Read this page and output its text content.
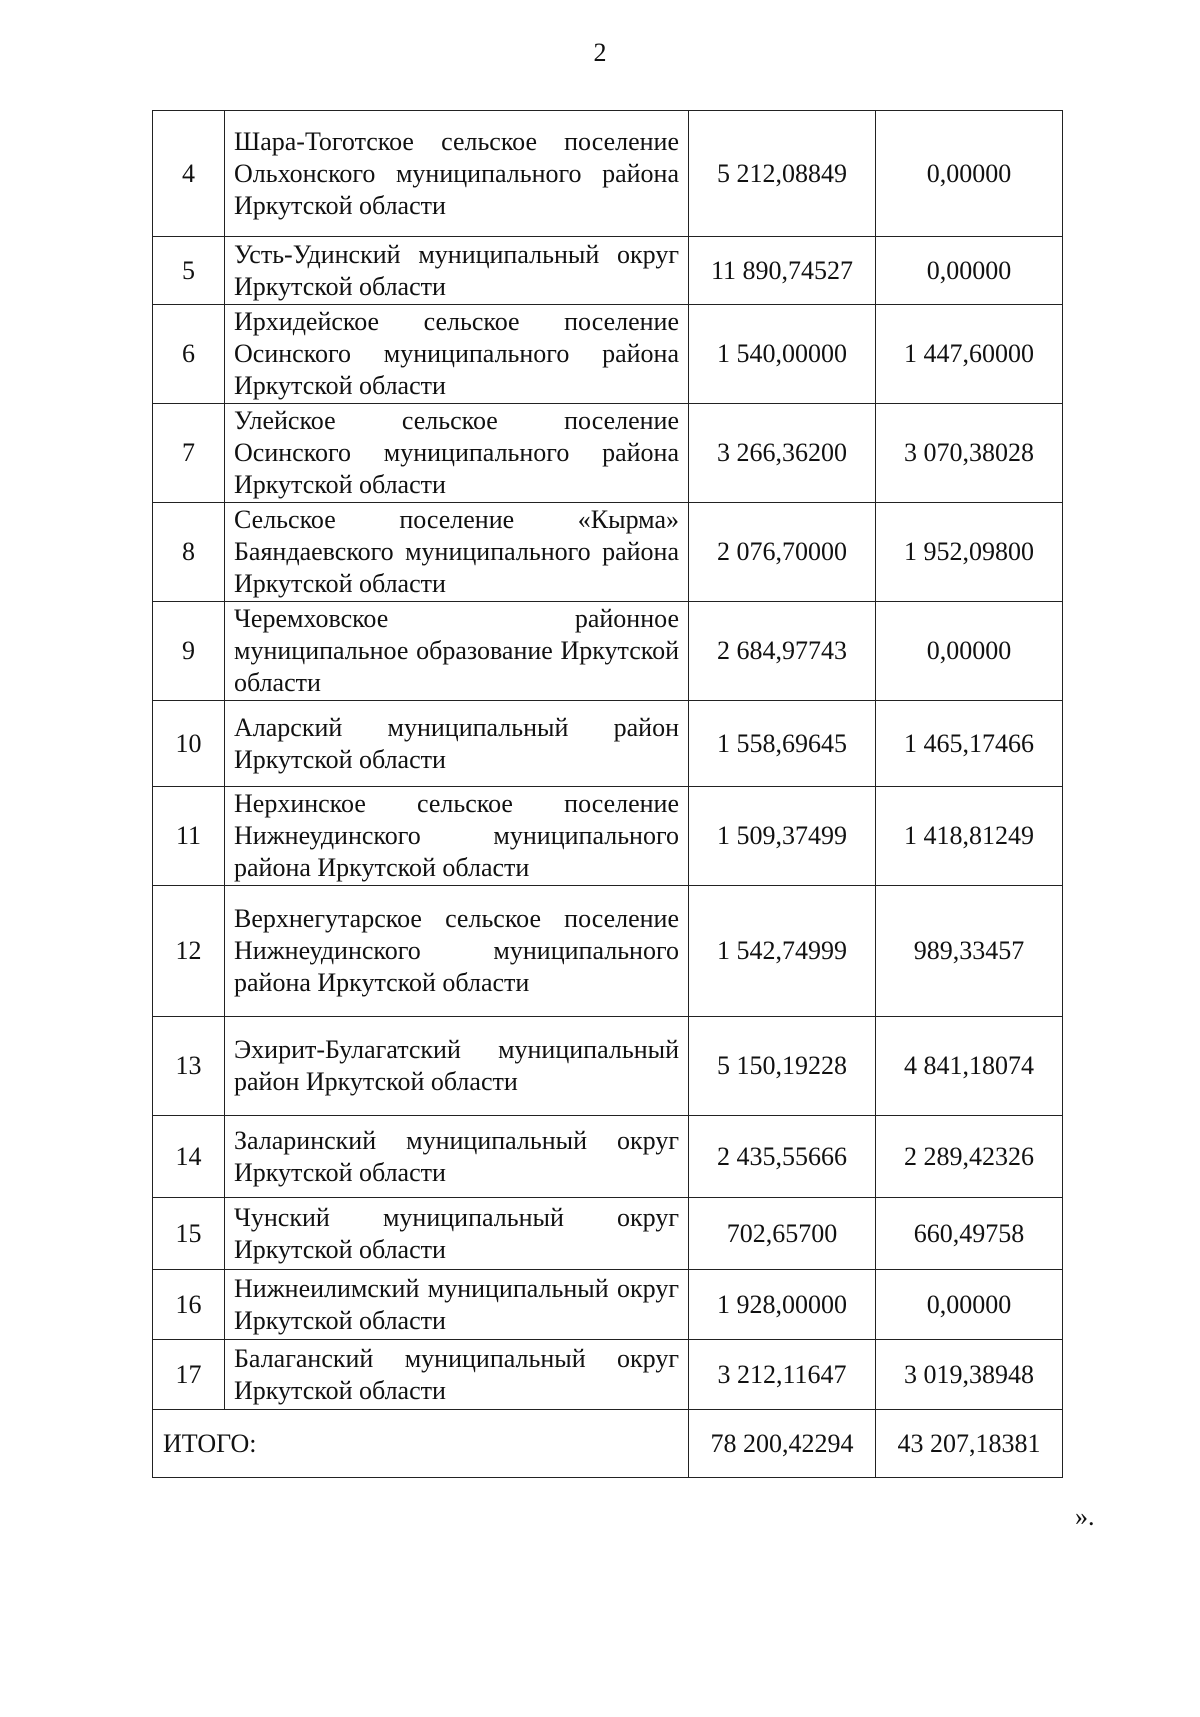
2
4	Шара-Тоготское сельское поселение Ольхонского муниципального района Иркутской области	5 212,08849	0,00000
5	Усть-Удинский муниципальный округ Иркутской области	11 890,74527	0,00000
6	Ирхидейское сельское поселение Осинского муниципального района Иркутской области	1 540,00000	1 447,60000
7	Улейское сельское поселение Осинского муниципального района Иркутской области	3 266,36200	3 070,38028
8	Сельское поселение «Кырма» Баяндаевского муниципального района Иркутской области	2 076,70000	1 952,09800
9	Черемховское районное муниципальное образование Иркутской области	2 684,97743	0,00000
10	Аларский муниципальный район Иркутской области	1 558,69645	1 465,17466
11	Нерхинское сельское поселение Нижнеудинского муниципального района Иркутской области	1 509,37499	1 418,81249
12	Верхнегутарское сельское поселение Нижнеудинского муниципального района Иркутской области	1 542,74999	989,33457
13	Эхирит-Булагатский муниципальный район Иркутской области	5 150,19228	4 841,18074
14	Заларинский муниципальный округ Иркутской области	2 435,55666	2 289,42326
15	Чунский муниципальный округ Иркутской области	702,65700	660,49758
16	Нижнеилимский муниципальный округ Иркутской области	1 928,00000	0,00000
17	Балаганский муниципальный округ Иркутской области	3 212,11647	3 019,38948
ИТОГО:		78 200,42294	43 207,18381
».
